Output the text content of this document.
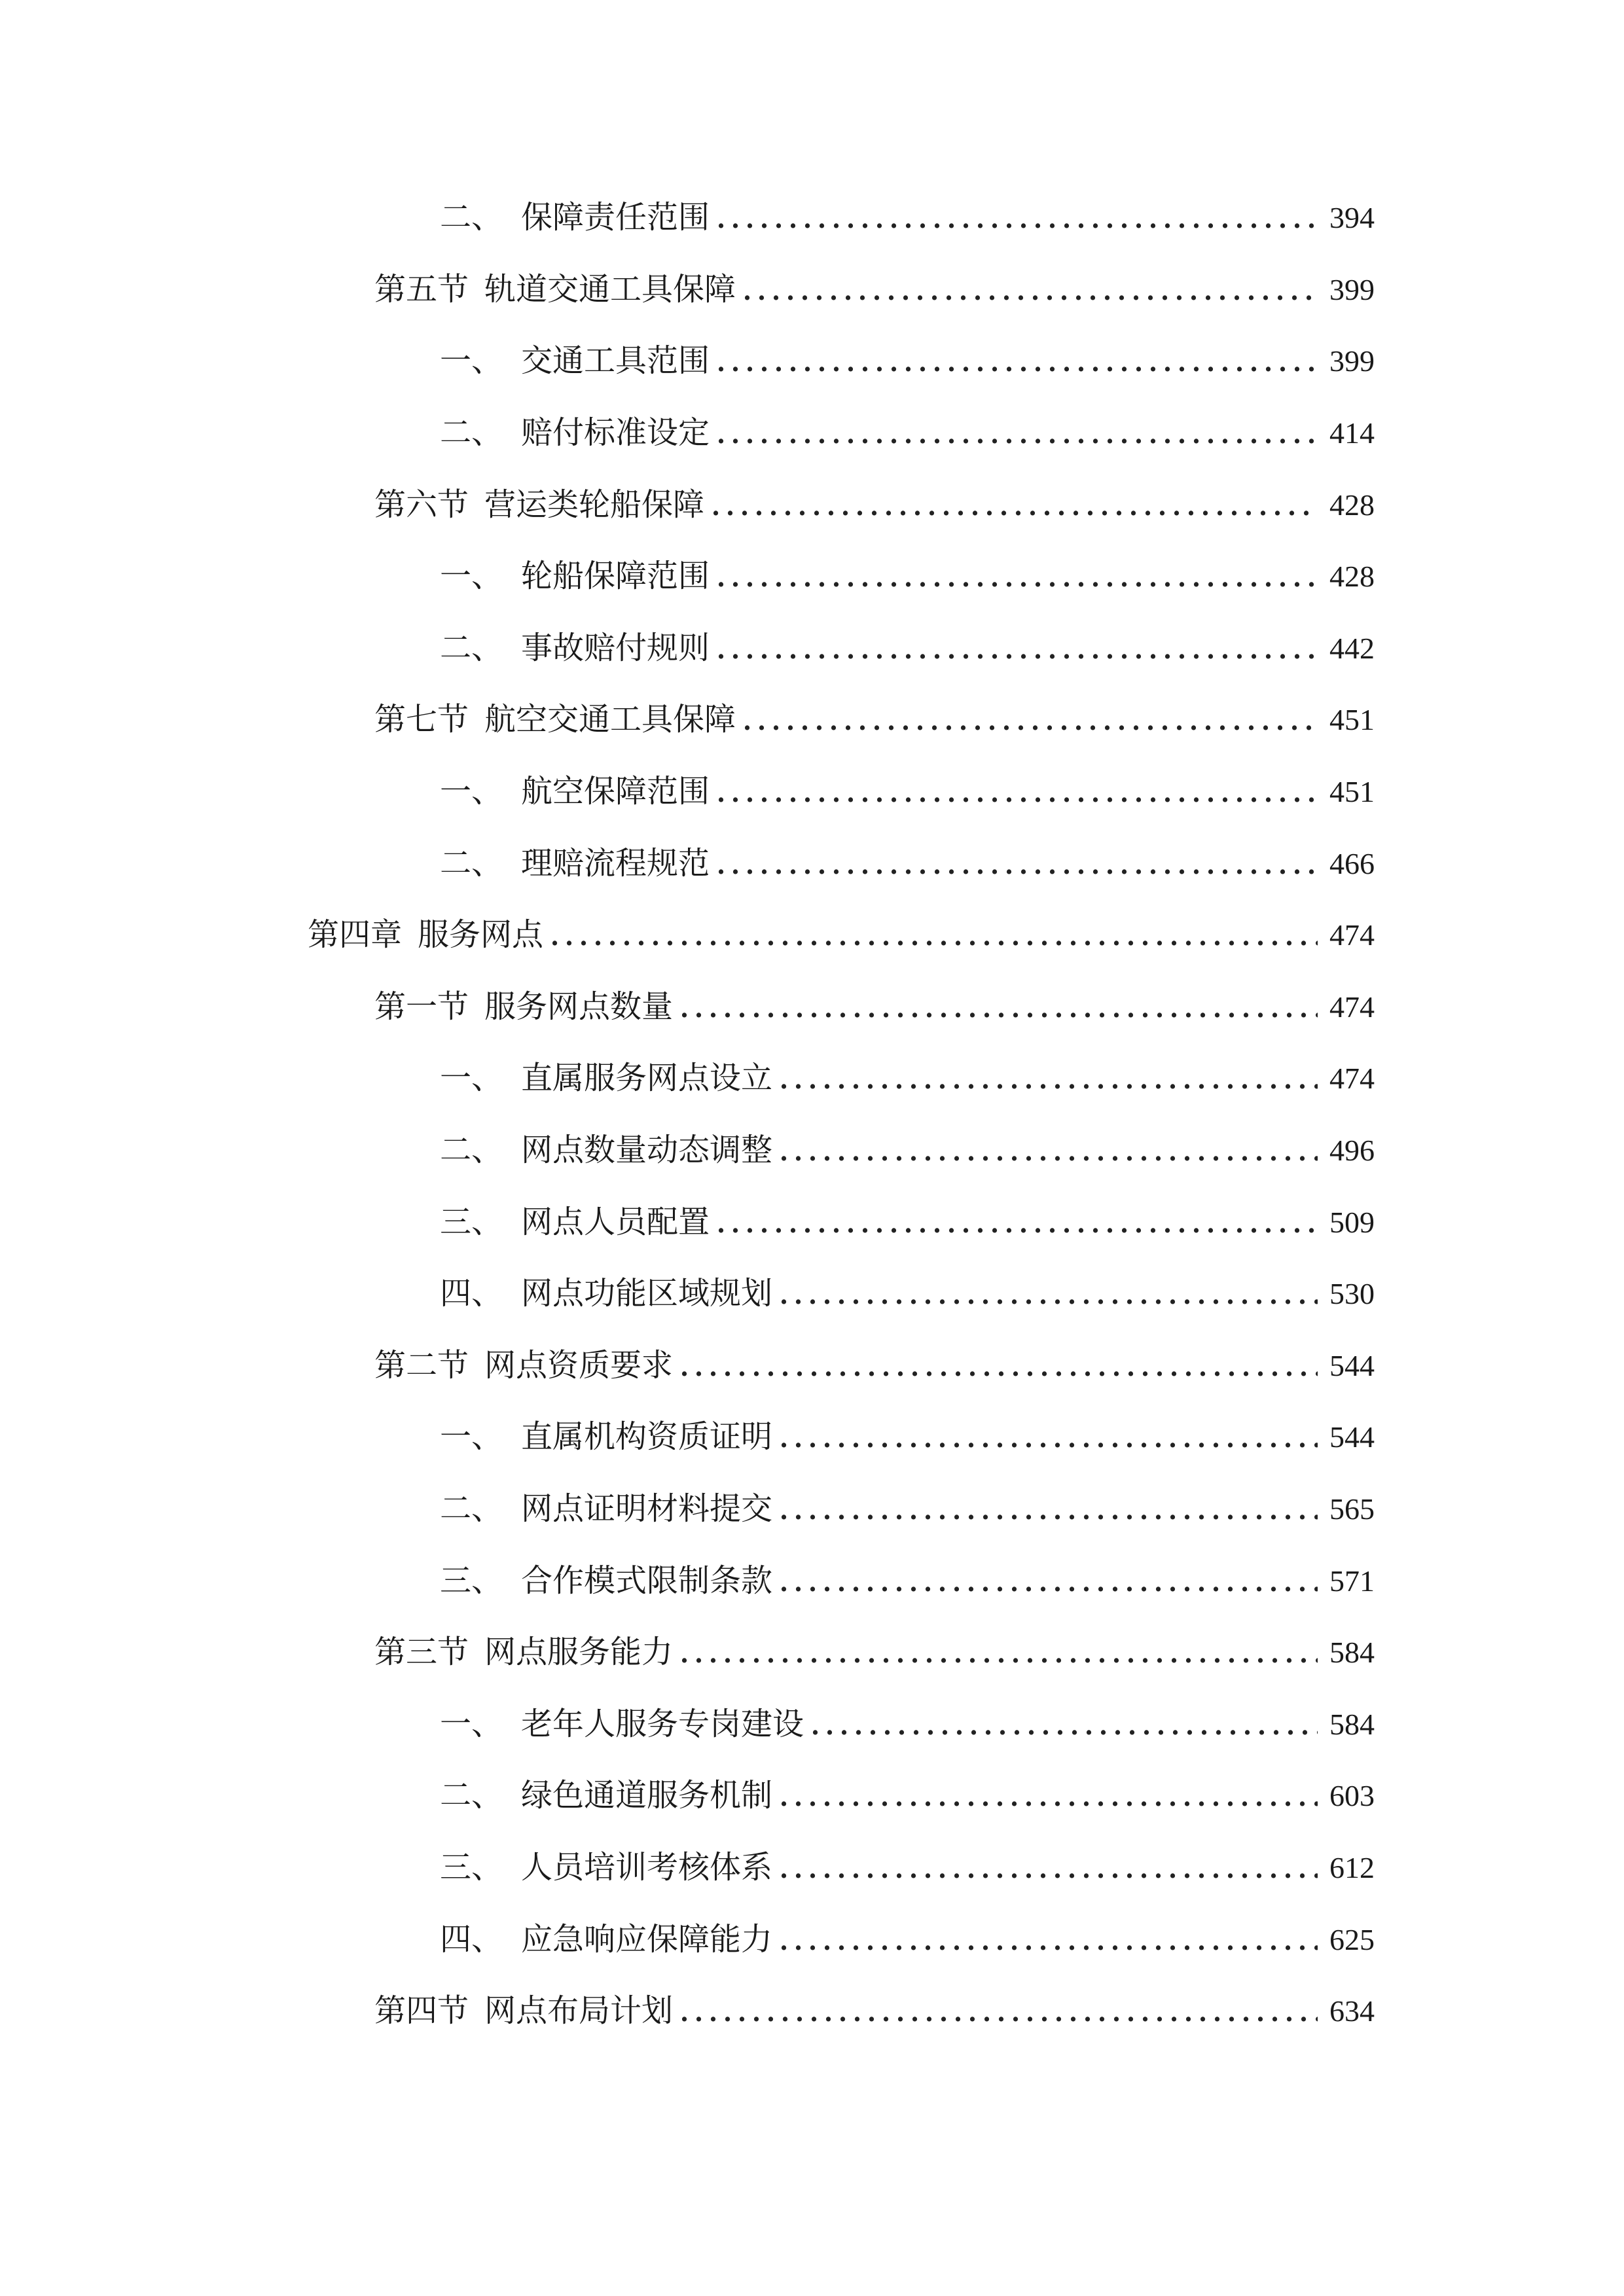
二、 保障责任范围 . . .	394
第五节 轨道交通工具保障 . . .	399
一、 交通工具范围 . . .	399
二、 赔付标准设定 . . .	414
第六节 营运类轮船保障 . . .	428
一、 轮船保障范围 . . .	428
二、 事故赔付规则 . . .	442
第七节 航空交通工具保障 . . .	451
一、 航空保障范围 . . .	451
二、 理赔流程规范 . . .	466
第四章 服务网点 . . .	474
第一节 服务网点数量 . . .	474
一、 直属服务网点设立 . . .	474
二、 网点数量动态调整 . . .	496
三、 网点人员配置 . . .	509
四、 网点功能区域规划 . . .	530
第二节 网点资质要求 . . .	544
一、 直属机构资质证明 . . .	544
二、 网点证明材料提交 . . .	565
三、 合作模式限制条款 . . .	571
第三节 网点服务能力 . . .	584
一、 老年人服务专岗建设 . . .	584
二、 绿色通道服务机制 . . .	603
三、 人员培训考核体系 . . .	612
四、 应急响应保障能力 . . .	625
第四节 网点布局计划 . . .	634
